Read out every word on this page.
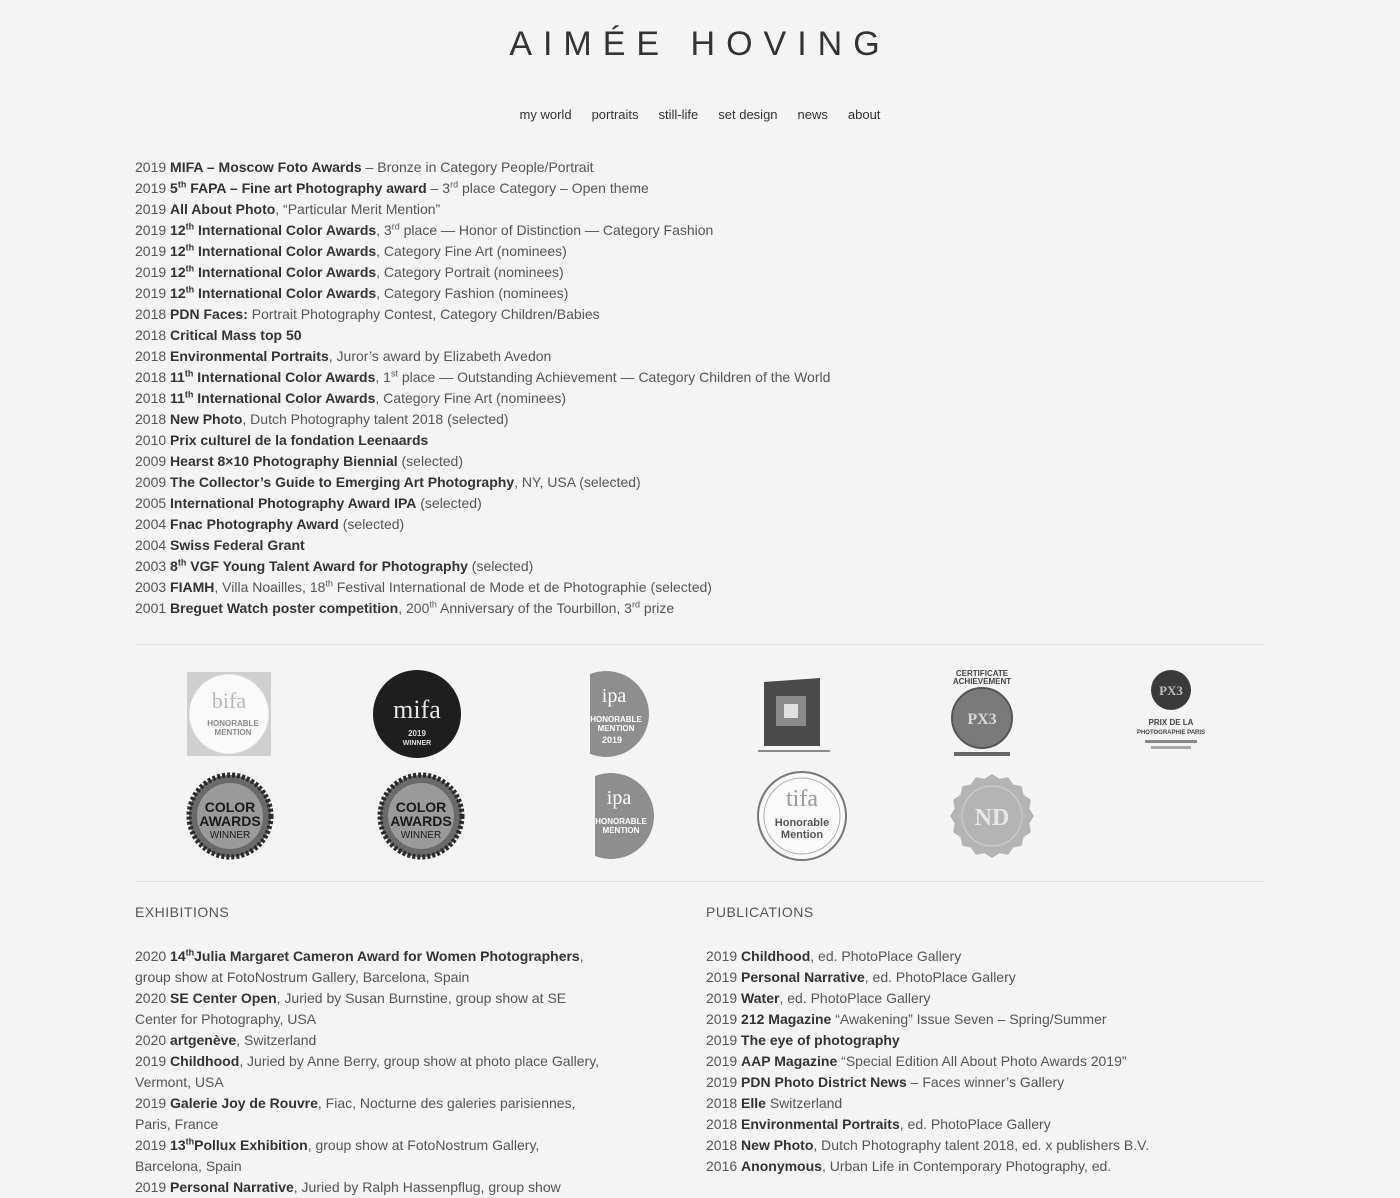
AIMÉE HOVING
my world portraits still-life set design news about
2019 MIFA – Moscow Foto Awards – Bronze in Category People/Portrait
2019 5th FAPA – Fine art Photography award – 3rd place Category – Open theme
2019 All About Photo, “Particular Merit Mention”
2019 12th International Color Awards, 3rd place — Honor of Distinction — Category Fashion
2019 12th International Color Awards, Category Fine Art (nominees)
2019 12th International Color Awards, Category Portrait (nominees)
2019 12th International Color Awards, Category Fashion (nominees)
2018 PDN Faces: Portrait Photography Contest, Category Children/Babies
2018 Critical Mass top 50
2018 Environmental Portraits, Juror’s award by Elizabeth Avedon
2018 11th International Color Awards, 1st place — Outstanding Achievement — Category Children of the World
2018 11th International Color Awards, Category Fine Art (nominees)
2018 New Photo, Dutch Photography talent 2018 (selected)
2010 Prix culturel de la fondation Leenaards
2009 Hearst 8×10 Photography Biennial (selected)
2009 The Collector’s Guide to Emerging Art Photography, NY, USA (selected)
2005 International Photography Award IPA (selected)
2004 Fnac Photography Award (selected)
2004 Swiss Federal Grant
2003 8th VGF Young Talent Award for Photography (selected)
2003 FIAMH, Villa Noailles, 18th Festival International de Mode et de Photographie (selected)
2001 Breguet Watch poster competition, 200th Anniversary of the Tourbillon, 3rd prize
bifa
HONORABLE
MENTION
mifa
2019
WINNER
ipa
HONORABLE
MENTION
2019
CERTIFICATE
ACHIEVEMENT
PX3
PX3
PRIX DE LA
PHOTOGRAPHIE PARIS
COLOR
AWARDS
WINNER
COLOR
AWARDS
WINNER
ipa
HONORABLE
MENTION
tifa
Honorable
Mention
ND
EXHIBITIONS	PUBLICATIONS
2020 14thJulia Margaret Cameron Award for Women Photographers, group show at FotoNostrum Gallery, Barcelona, Spain
2020 SE Center Open, Juried by Susan Burnstine, group show at SE Center for Photography, USA
2020 artgenève, Switzerland
2019 Childhood, Juried by Anne Berry, group show at photo place Gallery, Vermont, USA
2019 Galerie Joy de Rouvre, Fiac, Nocturne des galeries parisiennes, Paris, France
2019 13thPollux Exhibition, group show at FotoNostrum Gallery, Barcelona, Spain
2019 Personal Narrative, Juried by Ralph Hassenpflug, group show
2019 Childhood, ed. PhotoPlace Gallery
2019 Personal Narrative, ed. PhotoPlace Gallery
2019 Water, ed. PhotoPlace Gallery
2019 212 Magazine “Awakening” Issue Seven – Spring/Summer
2019 The eye of photography
2019 AAP Magazine “Special Edition All About Photo Awards 2019”
2019 PDN Photo District News – Faces winner’s Gallery
2018 Elle Switzerland
2018 Environmental Portraits, ed. PhotoPlace Gallery
2018 New Photo, Dutch Photography talent 2018, ed. x publishers B.V.
2016 Anonymous, Urban Life in Contemporary Photography, ed.
